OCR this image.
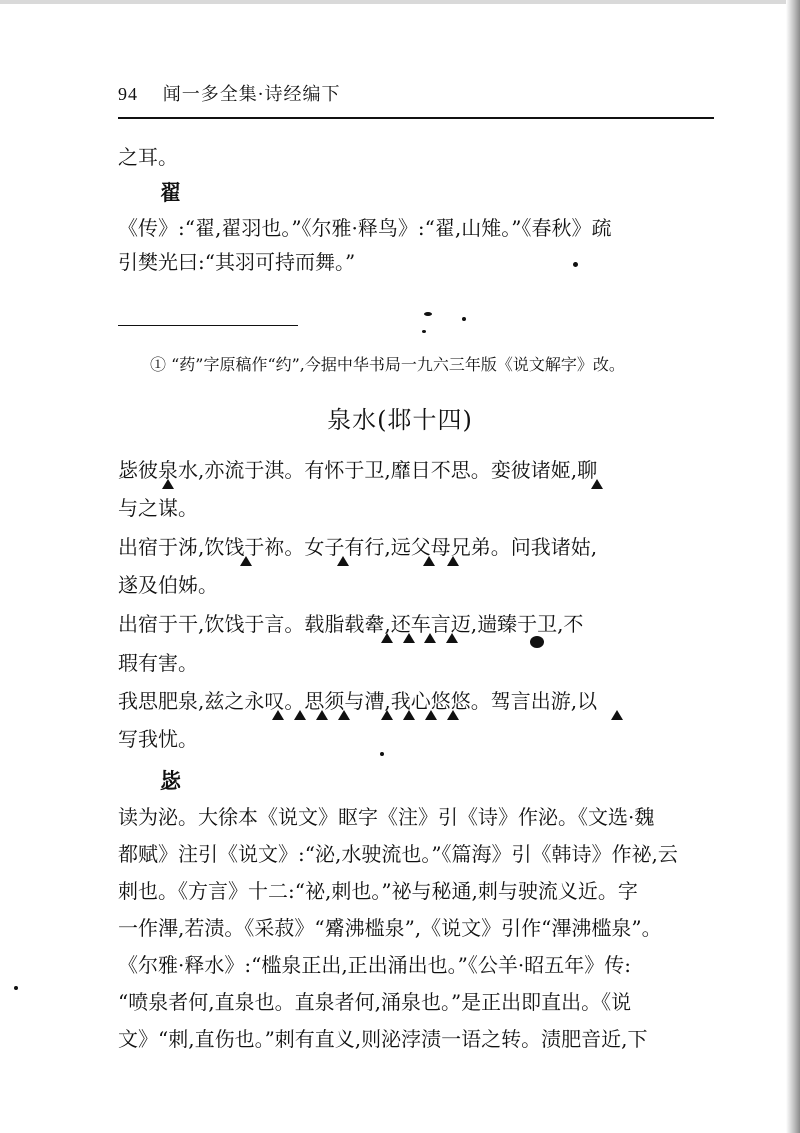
94 闻一多全集·诗经编下
之耳。
翟
《传》:“翟,翟羽也。”《尔雅·释鸟》:“翟,山雉。”《春秋》疏
引樊光曰:“其羽可持而舞。”
① “药”字原稿作“约”,今据中华书局一九六三年版《说文解字》改。
泉水(邶十四)
毖彼泉水,亦流于淇。有怀于卫,靡日不思。娈彼诸姬,聊
与之谋。
出宿于泲,饮饯于祢。女子有行,远父母兄弟。问我诸姑,
遂及伯姊。
出宿于干,饮饯于言。载脂载舝,还车言迈,遄臻于卫,不
瑕有害。
我思肥泉,兹之永叹。思须与漕,我心悠悠。驾言出游,以
写我忧。
毖
读为泌。大徐本《说文》眍字《注》引《诗》作泌。《文选·魏
都赋》注引《说文》:“泌,水驶流也。”《篇海》引《韩诗》作祕,云
刺也。《方言》十二:“祕,刺也。”祕与秘通,刺与驶流义近。字
一作滭,若渍。《采菽》“觱沸槛泉”,《说文》引作“滭沸槛泉”。
《尔雅·释水》:“槛泉正出,正出涌出也。”《公羊·昭五年》传:
“喷泉者何,直泉也。直泉者何,涌泉也。”是正出即直出。《说
文》“刺,直伤也。”刺有直义,则泌浡渍一语之转。渍肥音近,下
